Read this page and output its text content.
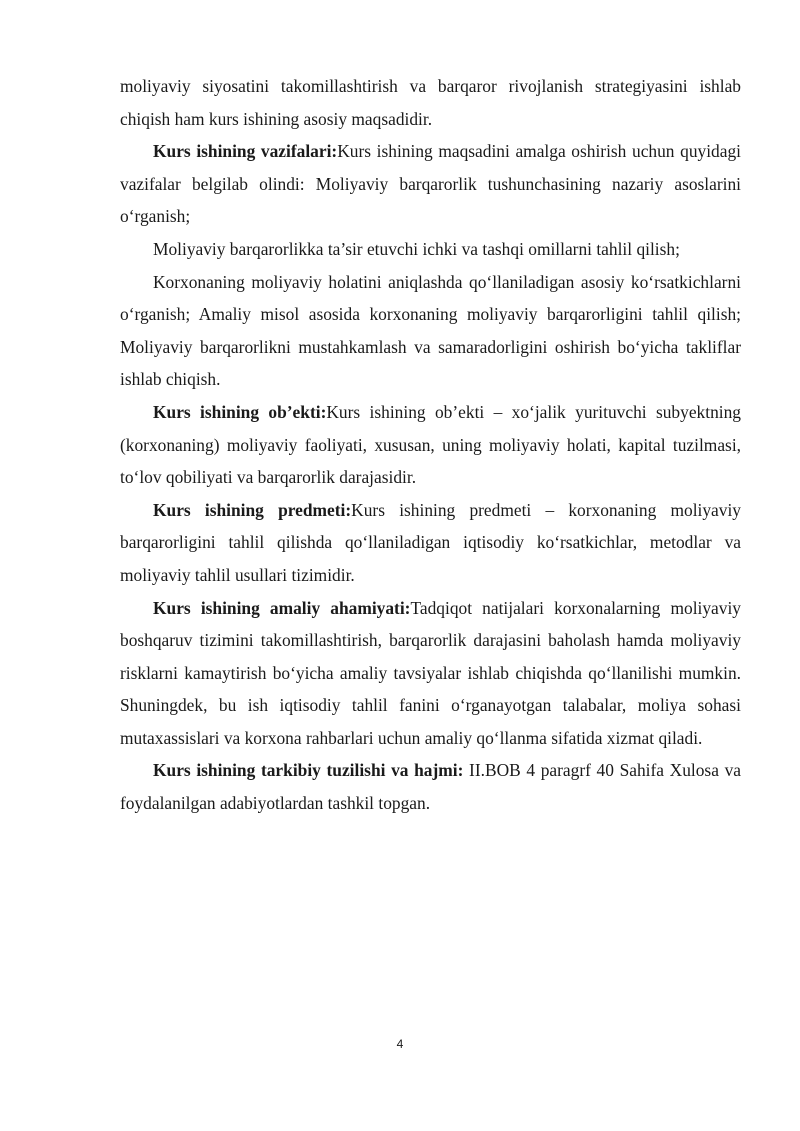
moliyaviy siyosatini takomillashtirish va barqaror rivojlanish strategiyasini ishlab chiqish ham kurs ishining asosiy maqsadidir.

Kurs ishining vazifalari:Kurs ishining maqsadini amalga oshirish uchun quyidagi vazifalar belgilab olindi: Moliyaviy barqarorlik tushunchasining nazariy asoslarini o‘rganish;

Moliyaviy barqarorlikka ta’sir etuvchi ichki va tashqi omillarni tahlil qilish;

Korxonaning moliyaviy holatini aniqlashda qo‘llaniladigan asosiy ko‘rsatkichlarni o‘rganish; Amaliy misol asosida korxonaning moliyaviy barqarorligini tahlil qilish; Moliyaviy barqarorlikni mustahkamlash va samaradorligini oshirish bo‘yicha takliflar ishlab chiqish.

Kurs ishining ob’ekti:Kurs ishining ob’ekti – xo‘jalik yurituvchi subyektning (korxonaning) moliyaviy faoliyati, xususan, uning moliyaviy holati, kapital tuzilmasi, to‘lov qobiliyati va barqarorlik darajasidir.

Kurs ishining predmeti:Kurs ishining predmeti – korxonaning moliyaviy barqarorligini tahlil qilishda qo‘llaniladigan iqtisodiy ko‘rsatkichlar, metodlar va moliyaviy tahlil usullari tizimidir.

Kurs ishining amaliy ahamiyati:Tadqiqot natijalari korxonalarning moliyaviy boshqaruv tizimini takomillashtirish, barqarorlik darajasini baholash hamda moliyaviy risklarni kamaytirish bo‘yicha amaliy tavsiyalar ishlab chiqishda qo‘llanilishi mumkin. Shuningdek, bu ish iqtisodiy tahlil fanini o‘rganayotgan talabalar, moliya sohasi mutaxassislari va korxona rahbarlari uchun amaliy qo‘llanma sifatida xizmat qiladi.

Kurs ishining tarkibiy tuzilishi va hajmi: II.BOB 4 paragrf 40 Sahifa Xulosa va foydalanilgan adabiyotlardan tashkil topgan.

4
